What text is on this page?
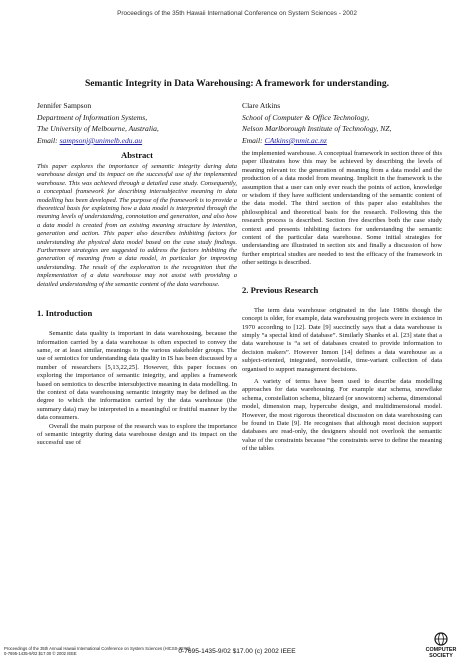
Proceedings of the 35th Hawaii International Conference on System Sciences - 2002
Semantic Integrity in Data Warehousing: A framework for understanding.
Jennifer Sampson
Department of Information Systems,
The University of Melbourne, Australia,
Email: sampsonj@unimelb.edu.au
Clare Atkins
School of Computer & Office Technology,
Nelson Marlborough Institute of Technology, NZ,
Email: CAtkins@nmit.ac.nz
Abstract

This paper explores the importance of semantic integrity during data warehouse design and its impact on the successful use of the implemented warehouse. This was achieved through a detailed case study. Consequently, a conceptual framework for describing intersubjective meaning in data modelling has been developed. The purpose of the framework is to provide a theoretical basis for explaining how a data model is interpreted through the meaning levels of understanding, connotation and generation, and also how a data model is created from an existing meaning structure by intention, generation and action. This paper also describes inhibiting factors for understanding the physical data model based on the case study findings. Furthermore strategies are suggested to address the factors inhibiting the generation of meaning from a data model, in particular for improving understanding. The result of the exploration is the recognition that the implementation of a data warehouse may not assist with providing a detailed understanding of the semantic content of the data warehouse.

1. Introduction

Semantic data quality is important in data warehousing, because the information carried by a data warehouse is often expected to convey the same, or at least similar, meanings to the various stakeholder groups. The use of semiotics for understanding data quality in IS has been discussed by a number of researchers [5,13,22,25]. However, this paper focuses on exploring the importance of semantic integrity, and applies a framework based on semiotics to describe intersubjective meaning in data modelling. In the context of data warehousing semantic integrity may be defined as the degree to which the information carried by the data warehouse (the summary data) may be interpreted in a meaningful or fruitful manner by the data consumers.

Overall the main purpose of the research was to explore the importance of semantic integrity during data warehouse design and its impact on the successful use of

the implemented warehouse. A conceptual framework in section three of this paper illustrates how this may be achieved by describing the levels of meaning relevant to: the generation of meaning from a data model and the production of a data model from meaning. Implicit in the framework is the assumption that a user can only ever reach the points of action, knowledge or wisdom if they have sufficient understanding of the semantic content of the data model. The third section of this paper also establishes the philosophical and theoretical basis for the research. Following this the research process is described. Section five describes both the case study context and presents inhibiting factors for understanding the semantic content of the particular data warehouse. Some initial strategies for understanding are illustrated in section six and finally a discussion of how further empirical studies are needed to test the efficacy of the framework in other settings is described.

2. Previous Research

The term data warehouse originated in the late 1980s though the concept is older, for example, data warehousing projects were in existence in 1970 according to [12]. Date [9] succinctly says that a data warehouse is simply “a special kind of database”. Similarly Shanks et al. [23] state that a data warehouse is “a set of databases created to provide information to decision makers”. However Inmon [14] defines a data warehouse as a subject-oriented, integrated, nonvolatile, time-variant collection of data organised to support management decisions.

A variety of terms have been used to describe data modelling approaches for data warehousing. For example star schema, snowflake schema, constellation schema, blizzard (or snowstorm) schema, dimensional model, dimension map, hypercube design, and multidimensional model. However, the most rigorous theoretical discussion on data warehousing can be found in Date [9]. He recognises that although most decision support databases are read-only, the designers should not overlook the semantic value of the constraints because “the constraints serve to define the meaning of the tables

0-7695-1435-9/02 $17.00 (c) 2002 IEEE
Proceedings of the 35th Annual Hawaii International Conference on System Sciences (HICSS-35’02)
0-7695-1435-9/02 $17.00 © 2002 IEEE
COMPUTER
SOCIETY
